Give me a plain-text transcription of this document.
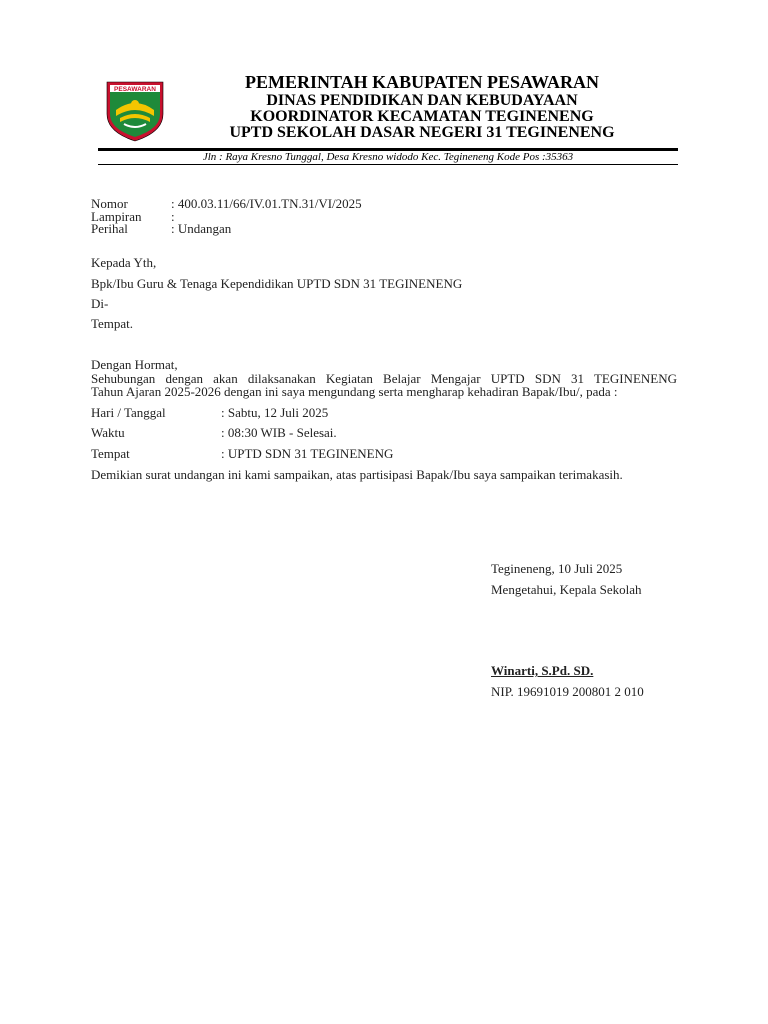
PESAWARAN	PEMERINTAH KABUPATEN PESAWARAN
DINAS PENDIDIKAN DAN KEBUDAYAAN
KOORDINATOR KECAMATAN TEGINENENG
UPTD SEKOLAH DASAR NEGERI 31 TEGINENENG
Jln : Raya Kresno Tunggal, Desa Kresno widodo Kec. Tegineneng Kode Pos :35363
Nomor	: 400.03.11/66/IV.01.TN.31/VI/2025
Lampiran :
Perihal	: Undangan
Kepada Yth,
Bpk/Ibu Guru & Tenaga Kependidikan UPTD SDN 31 TEGINENENG
Di-
Tempat.
Dengan Hormat,
Sehubungan dengan akan dilaksanakan Kegiatan Belajar Mengajar UPTD SDN 31 TEGINENENG
Tahun Ajaran 2025-2026 dengan ini saya mengundang serta mengharap kehadiran Bapak/Ibu/, pada :
Hari / Tanggal	: Sabtu, 12 Juli 2025
Waktu	: 08:30 WIB - Selesai.
Tempat	: UPTD SDN 31 TEGINENENG
Demikian surat undangan ini kami sampaikan, atas partisipasi Bapak/Ibu saya sampaikan terimakasih.
Tegineneng, 10 Juli 2025
Mengetahui, Kepala Sekolah
Winarti, S.Pd. SD.
NIP. 19691019 200801 2 010
